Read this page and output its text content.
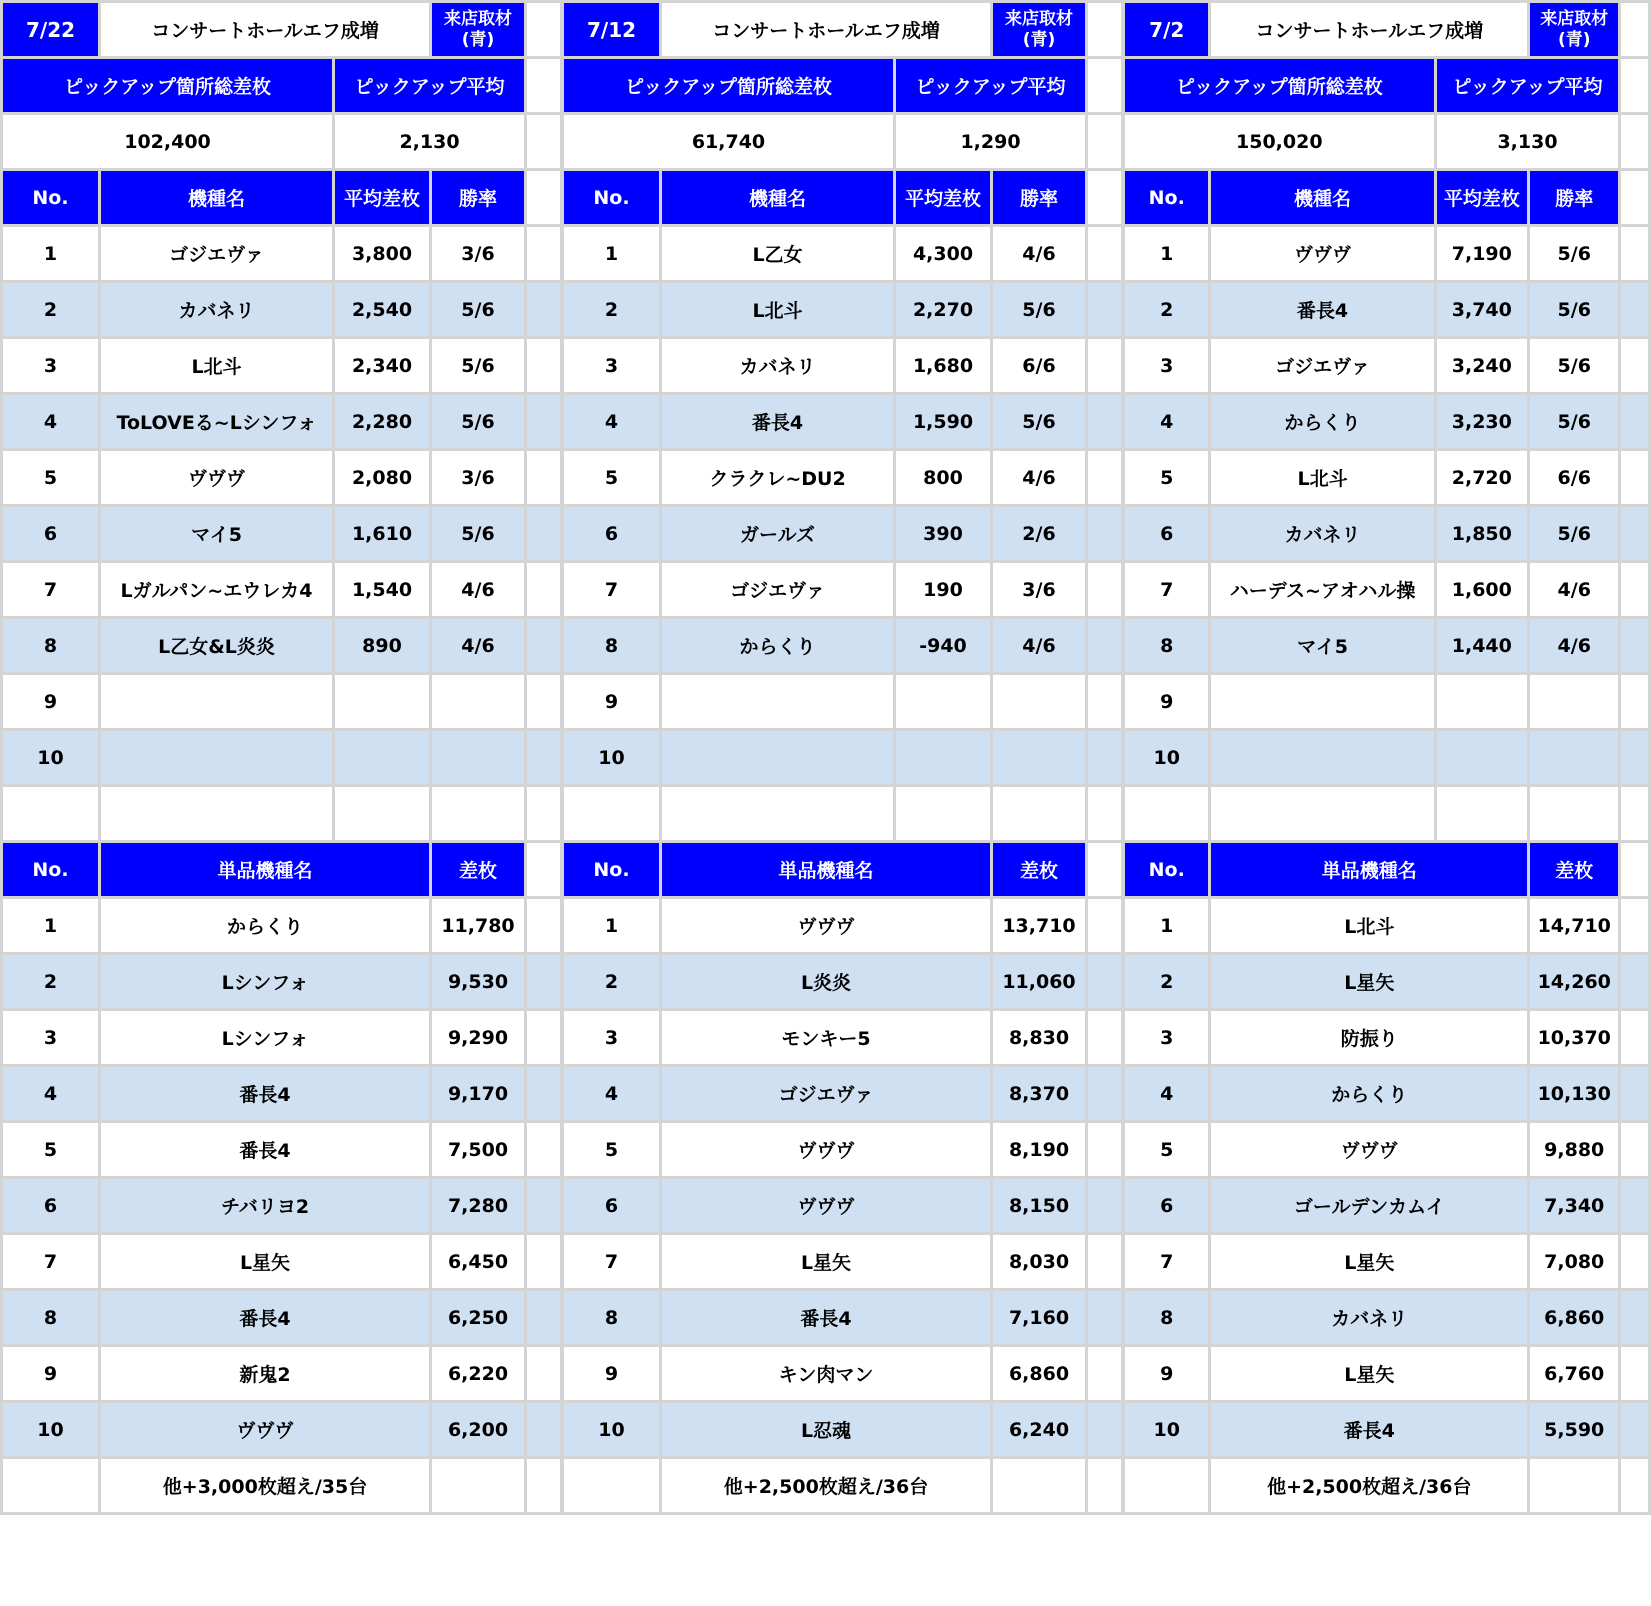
7/22	コンサートホールエフ成増		来店取材
(青)	

ピックアップ箇所総差枚		ピックアップ平均		
102,400		2,130		
No.	機種名	平均差枚	勝率	
1	ゴジエヴァ	3,800	3/6	
2	カバネリ	2,540	5/6	
3	L北斗	2,340	5/6	
4	ToLOVEる~Lシンフォ	2,280	5/6	
5	ヴヴヴ	2,080	3/6	
6	マイ5	1,610	5/6	
7	Lガルパン~エウレカ4	1,540	4/6	
8	L乙女&L炎炎	890	4/6	
9				
10				

No.	単品機種名		差枚	
1	からくり		11,780	
2	Lシンフォ		9,530	
3	Lシンフォ		9,290	
4	番長4		9,170	
5	番長4		7,500	
6	チバリヨ2		7,280	
7	L星矢		6,450	
8	番長4		6,250	
9	新鬼2		6,220	
10	ヴヴヴ		6,200	
	他+3,000枚超え/35台			
7/12	コンサートホールエフ成増		来店取材
(青)	

ピックアップ箇所総差枚		ピックアップ平均		
61,740		1,290		
No.	機種名	平均差枚	勝率	
1	L乙女	4,300	4/6	
2	L北斗	2,270	5/6	
3	カバネリ	1,680	6/6	
4	番長4	1,590	5/6	
5	クラクレ~DU2	800	4/6	
6	ガールズ	390	2/6	
7	ゴジエヴァ	190	3/6	
8	からくり	-940	4/6	
9				
10				

No.	単品機種名		差枚	
1	ヴヴヴ		13,710	
2	L炎炎		11,060	
3	モンキー5		8,830	
4	ゴジエヴァ		8,370	
5	ヴヴヴ		8,190	
6	ヴヴヴ		8,150	
7	L星矢		8,030	
8	番長4		7,160	
9	キン肉マン		6,860	
10	L忍魂		6,240	
	他+2,500枚超え/36台			
7/2	コンサートホールエフ成増		来店取材
(青)	

ピックアップ箇所総差枚		ピックアップ平均		
150,020		3,130		
No.	機種名	平均差枚	勝率	
1	ヴヴヴ	7,190	5/6	
2	番長4	3,740	5/6	
3	ゴジエヴァ	3,240	5/6	
4	からくり	3,230	5/6	
5	L北斗	2,720	6/6	
6	カバネリ	1,850	5/6	
7	ハーデス~アオハル操	1,600	4/6	
8	マイ5	1,440	4/6	
9				
10				

No.	単品機種名		差枚	
1	L北斗		14,710	
2	L星矢		14,260	
3	防振り		10,370	
4	からくり		10,130	
5	ヴヴヴ		9,880	
6	ゴールデンカムイ		7,340	
7	L星矢		7,080	
8	カバネリ		6,860	
9	L星矢		6,760	
10	番長4		5,590	
	他+2,500枚超え/36台			
